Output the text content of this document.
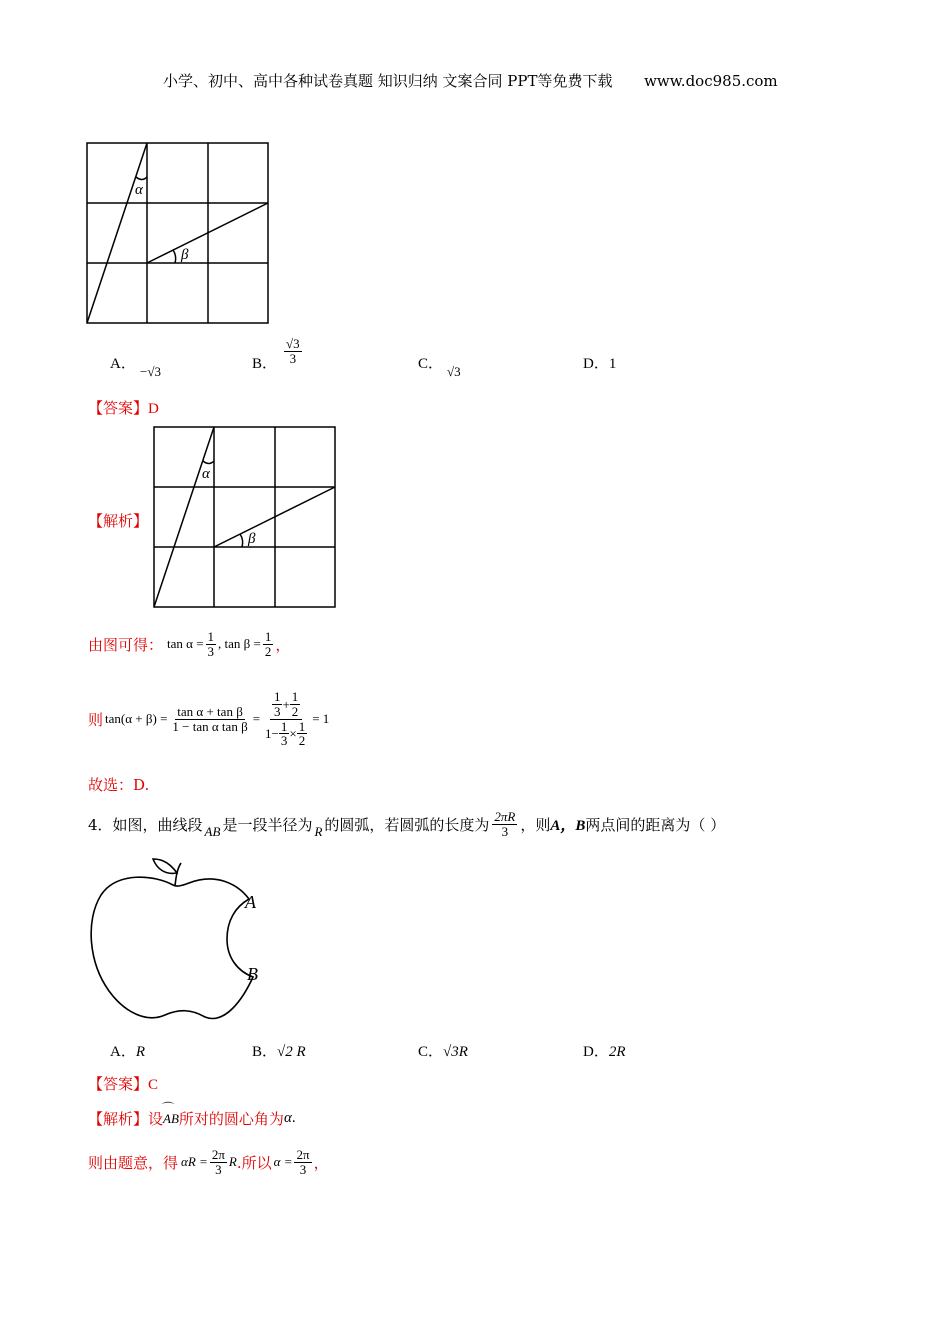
小学、初中、高中各种试卷真题 知识归纳 文案合同 PPT等免费下载 www.doc985.com
α
β
A． −√3	B． $\frac{√3}{3}$	C． √3	D．1
【答案】D
【解析】
α
β
由图可得： $\tan \alpha = \frac{1}{3}$ , $\tan \beta = \frac{1}{2}$ ，
则 $\tan(\alpha + \beta) = \frac{\text{tan α + tan β}}{\text{1 − tan α tan β}} = \frac{\frac{1}{3} + \frac{1}{2}}{1- \frac{1}{3} \times \frac{1}{2}} = 1$
故选：D.
4．如图，曲线段 AB 是一段半径为 R 的圆弧，若圆弧的长度为 $\frac{2\pi R}{3}$ ，则 A，B 两点间的距离为（ ）
A
B
A．R	B．√2 R	C．√3R	D．2R
【答案】C
【解析】 设
⌒
AB 所对的圆心角为 α .
则由题意，得 $\alpha R = \frac{2\pi}{3}$ R .所以 $\alpha = \frac{2\pi}{3}$ ，
